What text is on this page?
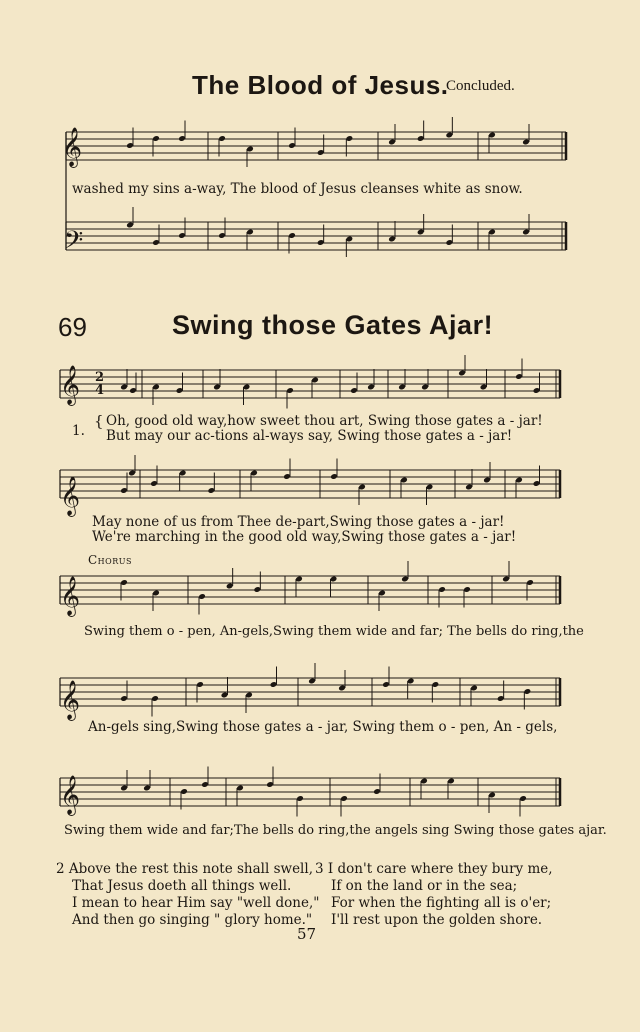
𝄞
𝄢
𝄞
𝄞
𝄞
𝄞
𝄞
2
4
The Blood of Jesus.
Concluded.
washed my sins a-way, The blood of Jesus cleanses white as snow.
69	Swing those Gates Ajar!
1.
{ Oh, good old way,how sweet thou art, Swing those gates a - jar!
But may our ac-tions al-ways say, Swing those gates a - jar!
May none of us from Thee de-part,Swing those gates a - jar!
We're marching in the good old way,Swing those gates a - jar!
Chorus
Swing them o - pen, An-gels,Swing them wide and far; The bells do ring,the
An-gels sing,Swing those gates a - jar, Swing them o - pen, An - gels,
Swing them wide and far;The bells do ring,the angels sing Swing those gates ajar.
2 Above the rest this note shall swell,
That Jesus doeth all things well.
I mean to hear Him say "well done,"
And then go singing " glory home."
3 I don't care where they bury me,
If on the land or in the sea;
For when the fighting all is o'er;
I'll rest upon the golden shore.
57
